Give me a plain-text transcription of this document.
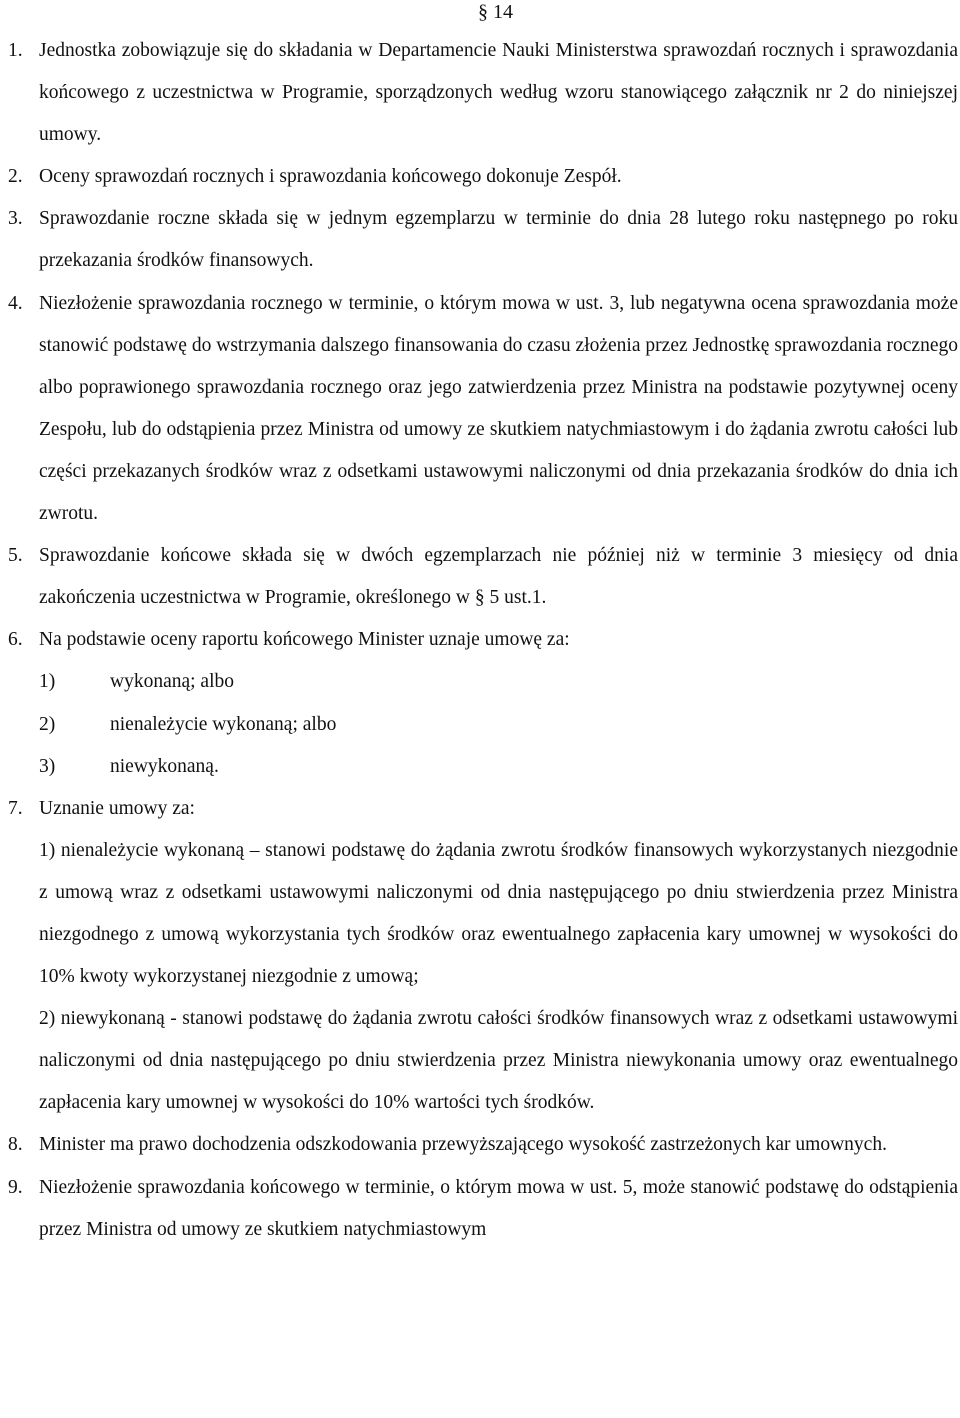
§ 14
1. Jednostka zobowiązuje się do składania w Departamencie Nauki Ministerstwa sprawozdań rocznych i sprawozdania końcowego z uczestnictwa w Programie, sporządzonych według wzoru stanowiącego załącznik nr 2 do niniejszej umowy.
2. Oceny sprawozdań rocznych i sprawozdania końcowego dokonuje Zespół.
3. Sprawozdanie roczne składa się w jednym egzemplarzu w terminie do dnia 28 lutego roku następnego po roku przekazania środków finansowych.
4. Niezłożenie sprawozdania rocznego w terminie, o którym mowa w ust. 3, lub negatywna ocena sprawozdania może stanowić podstawę do wstrzymania dalszego finansowania do czasu złożenia przez Jednostkę sprawozdania rocznego albo poprawionego sprawozdania rocznego oraz jego zatwierdzenia przez Ministra na podstawie pozytywnej oceny Zespołu, lub do odstąpienia przez Ministra od umowy ze skutkiem natychmiastowym i do żądania zwrotu całości lub części przekazanych środków wraz z odsetkami ustawowymi naliczonymi od dnia przekazania środków do dnia ich zwrotu.
5. Sprawozdanie końcowe składa się w dwóch egzemplarzach nie później niż w terminie 3 miesięcy od dnia zakończenia uczestnictwa w Programie, określonego w § 5 ust.1.
6. Na podstawie oceny raportu końcowego Minister uznaje umowę za:
1)	wykonaną; albo
2)	nienależycie wykonaną; albo
3)	niewykonaną.
7. Uznanie umowy za:
1) nienależycie wykonaną – stanowi podstawę do żądania zwrotu środków finansowych wykorzystanych niezgodnie z umową wraz z odsetkami ustawowymi naliczonymi od dnia następującego po dniu stwierdzenia przez Ministra niezgodnego z umową wykorzystania tych środków oraz ewentualnego zapłacenia kary umownej w wysokości do 10% kwoty wykorzystanej niezgodnie z umową;
2) niewykonaną - stanowi podstawę do żądania zwrotu całości środków finansowych wraz z odsetkami ustawowymi naliczonymi od dnia następującego po dniu stwierdzenia przez Ministra niewykonania umowy oraz ewentualnego zapłacenia kary umownej w wysokości do 10% wartości tych środków.
8. Minister ma prawo dochodzenia odszkodowania przewyższającego wysokość zastrzeżonych kar umownych.
9. Niezłożenie sprawozdania końcowego w terminie, o którym mowa w ust. 5, może stanowić podstawę do odstąpienia przez Ministra od umowy ze skutkiem natychmiastowym
